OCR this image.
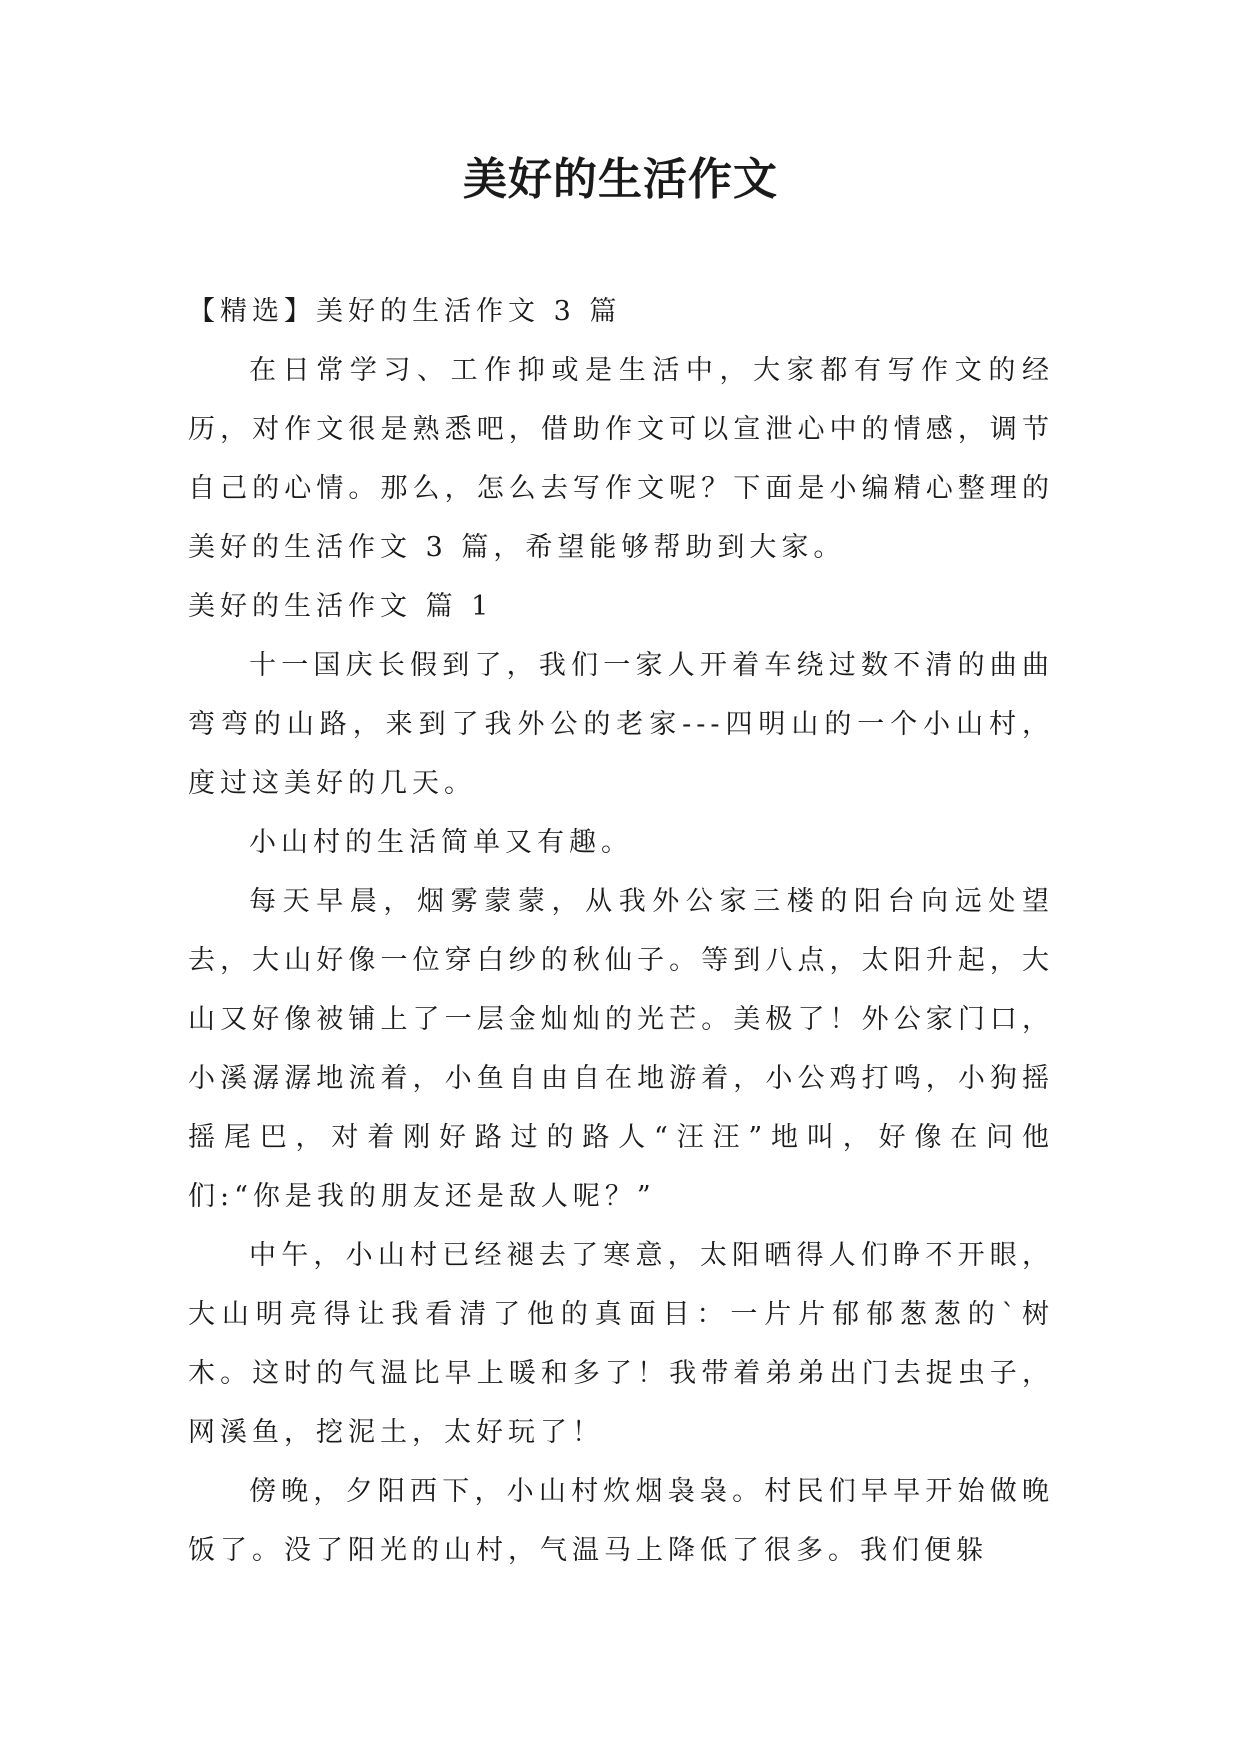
美好的生活作文

【精选】美好的生活作文 3 篇

在日常学习、工作抑或是生活中，大家都有写作文的经历，对作文很是熟悉吧，借助作文可以宣泄心中的情感，调节自己的心情。那么，怎么去写作文呢？下面是小编精心整理的美好的生活作文 3 篇，希望能够帮助到大家。

美好的生活作文 篇 1

十一国庆长假到了，我们一家人开着车绕过数不清的曲曲弯弯的山路，来到了我外公的老家---四明山的一个小山村，度过这美好的几天。

小山村的生活简单又有趣。

每天早晨，烟雾蒙蒙，从我外公家三楼的阳台向远处望去，大山好像一位穿白纱的秋仙子。等到八点，太阳升起，大山又好像被铺上了一层金灿灿的光芒。美极了！外公家门口，小溪潺潺地流着，小鱼自由自在地游着，小公鸡打鸣，小狗摇摇尾巴，对着刚好路过的路人“汪汪”地叫，好像在问他们:“你是我的朋友还是敌人呢？”

中午，小山村已经褪去了寒意，太阳晒得人们睁不开眼，大山明亮得让我看清了他的真面目：一片片郁郁葱葱的`树木。这时的气温比早上暖和多了！我带着弟弟出门去捉虫子，网溪鱼，挖泥土，太好玩了！

傍晚，夕阳西下，小山村炊烟袅袅。村民们早早开始做晚饭了。没了阳光的山村，气温马上降低了很多。我们便躲
